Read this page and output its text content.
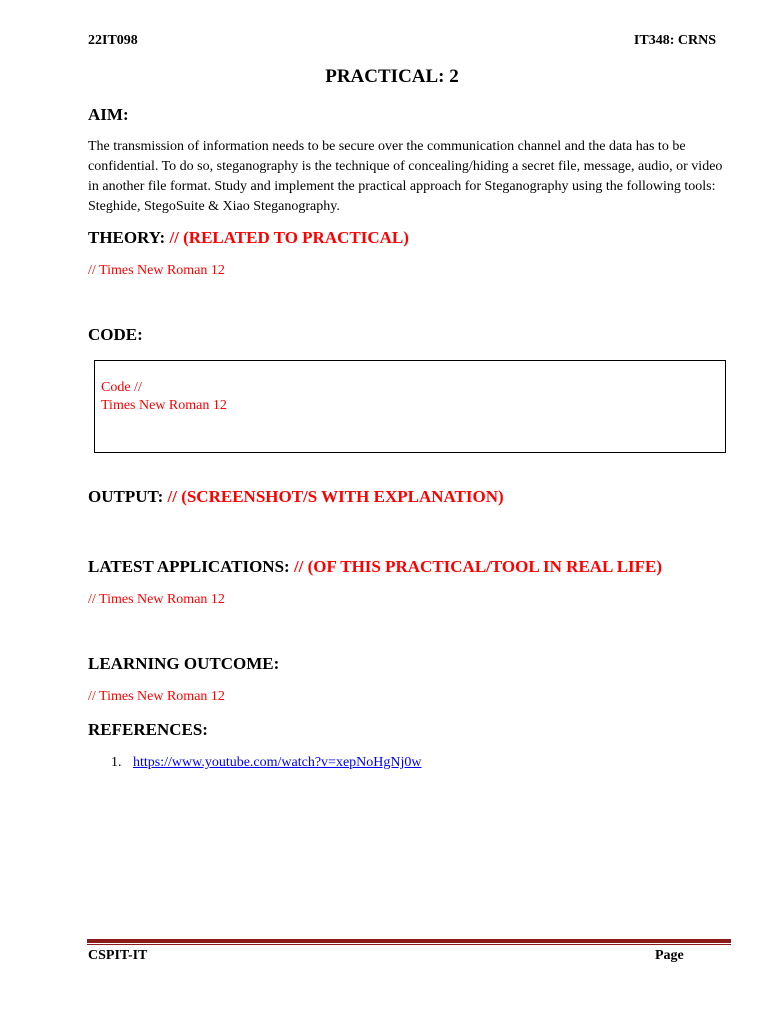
22IT098	IT348: CRNS
PRACTICAL: 2
AIM:
The transmission of information needs to be secure over the communication channel and the data has to be confidential. To do so, steganography is the technique of concealing/hiding a secret file, message, audio, or video in another file format. Study and implement the practical approach for Steganography using the following tools: Steghide, StegoSuite & Xiao Steganography.
THEORY: // (RELATED TO PRACTICAL)
// Times New Roman 12
CODE:
Code //
Times New Roman 12
OUTPUT: // (SCREENSHOT/S WITH EXPLANATION)
LATEST APPLICATIONS: // (OF THIS PRACTICAL/TOOL IN REAL LIFE)
// Times New Roman 12
LEARNING OUTCOME:
// Times New Roman 12
REFERENCES:
1. https://www.youtube.com/watch?v=xepNoHgNj0w
CSPIT-IT	Page
